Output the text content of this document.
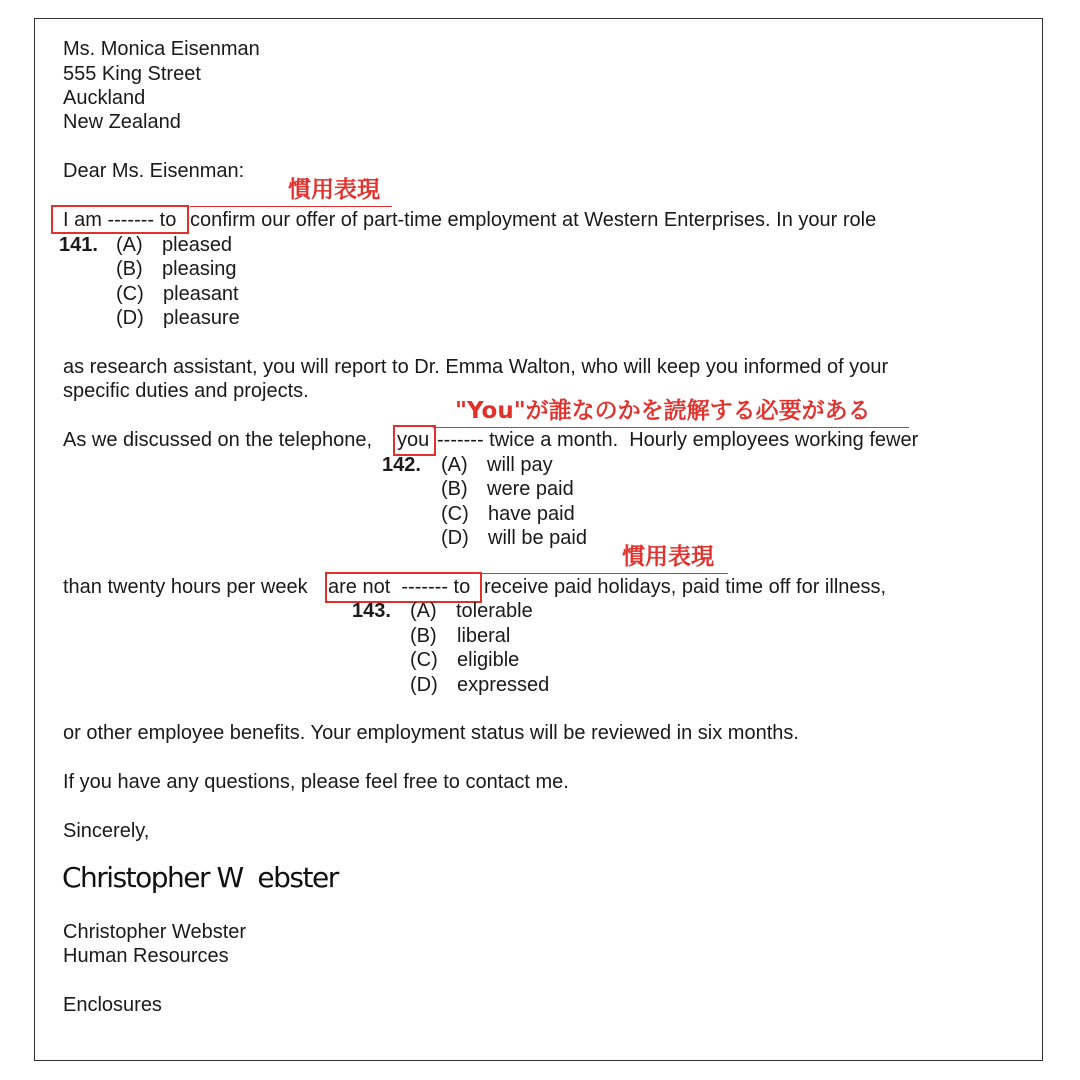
Ms. Monica Eisenman
555 King Street
Auckland
New Zealand
Dear Ms. Eisenman:
慣用表現
I am ------- to confirm our offer of part-time employment at Western Enterprises. In your role
141. (A) pleased
(B) pleasing
(C) pleasant
(D) pleasure
as research assistant, you will report to Dr. Emma Walton, who will keep you informed of your
specific duties and projects.
"You"が誰なのかを読解する必要がある
As we discussed on the telephone, you ------- twice a month.  Hourly employees working fewer
142. (A) will pay
(B) were paid
(C) have paid
(D) will be paid
慣用表現
than twenty hours per week are not  ------- to receive paid holidays, paid time off for illness,
143. (A) tolerable
(B) liberal
(C) eligible
(D) expressed
or other employee benefits. Your employment status will be reviewed in six months.
If you have any questions, please feel free to contact me.
Sincerely,
Christopher W  ebster
Christopher Webster
Human Resources
Enclosures
